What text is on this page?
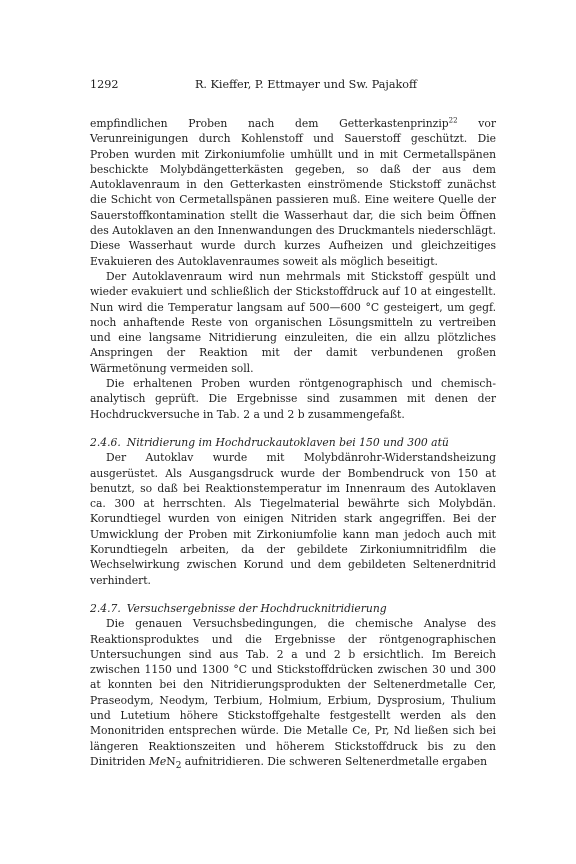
1292	R. Kieffer, P. Ettmayer und Sw. Pajakoff

empfindlichen Proben nach dem Getterkastenprinzip$^{22}$ vor Verunreinigungen durch Kohlenstoff und Sauerstoff geschützt. Die Proben wurden mit Zirkoniumfolie umhüllt und in mit Cermetallspänen beschickte Molybdängetterkästen gegeben, so daß der aus dem Autoklavenraum in den Getterkasten einströmende Stickstoff zunächst die Schicht von Cermetallspänen passieren muß. Eine weitere Quelle der Sauerstoffkontamination stellt die Wasserhaut dar, die sich beim Öffnen des Autoklaven an den Innenwandungen des Druckmantels niederschlägt. Diese Wasserhaut wurde durch kurzes Aufheizen und gleichzeitiges Evakuieren des Autoklavenraumes soweit als möglich beseitigt.

Der Autoklavenraum wird nun mehrmals mit Stickstoff gespült und wieder evakuiert und schließlich der Stickstoffdruck auf 10 at eingestellt. Nun wird die Temperatur langsam auf 500—600 °C gesteigert, um gegf. noch anhaftende Reste von organischen Lösungsmitteln zu vertreiben und eine langsame Nitridierung einzuleiten, die ein allzu plötzliches Anspringen der Reaktion mit der damit verbundenen großen Wärmetönung vermeiden soll.

Die erhaltenen Proben wurden röntgenographisch und chemisch-analytisch geprüft. Die Ergebnisse sind zusammen mit denen der Hochdruckversuche in Tab. 2 a und 2 b zusammengefaßt.

2.4.6. Nitridierung im Hochdruckautoklaven bei 150 und 300 atü

Der Autoklav wurde mit Molybdänrohr-Widerstandsheizung ausgerüstet. Als Ausgangsdruck wurde der Bombendruck von 150 at benutzt, so daß bei Reaktionstemperatur im Innenraum des Autoklaven ca. 300 at herrschten. Als Tiegelmaterial bewährte sich Molybdän. Korundtiegel wurden von einigen Nitriden stark angegriffen. Bei der Umwicklung der Proben mit Zirkoniumfolie kann man jedoch auch mit Korundtiegeln arbeiten, da der gebildete Zirkoniumnitridfilm die Wechselwirkung zwischen Korund und dem gebildeten Seltenerdnitrid verhindert.

2.4.7. Versuchsergebnisse der Hochdrucknitridierung

Die genauen Versuchsbedingungen, die chemische Analyse des Reaktionsproduktes und die Ergebnisse der röntgenographischen Untersuchungen sind aus Tab. 2 a und 2 b ersichtlich. Im Bereich zwischen 1150 und 1300 °C und Stickstoffdrücken zwischen 30 und 300 at konnten bei den Nitridierungsprodukten der Seltenerdmetalle Cer, Praseodym, Neodym, Terbium, Holmium, Erbium, Dysprosium, Thulium und Lutetium höhere Stickstoffgehalte festgestellt werden als den Mononitriden entsprechen würde. Die Metalle Ce, Pr, Nd ließen sich bei längeren Reaktionszeiten und höherem Stickstoffdruck bis zu den Dinitriden MeN$_2$ aufnitridieren. Die schweren Seltenerdmetalle ergaben
